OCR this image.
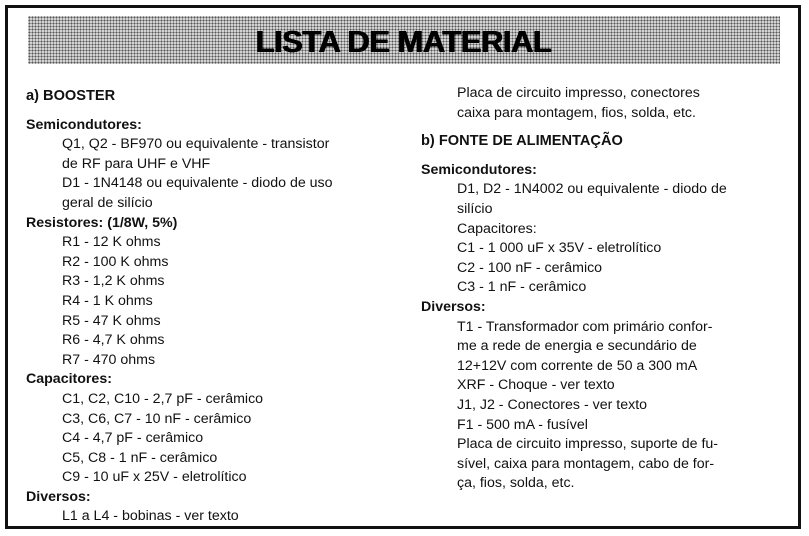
LISTA DE MATERIAL
a) BOOSTER
Semicondutores:
Q1, Q2 - BF970 ou equivalente - transistor
de RF para UHF e VHF
D1 - 1N4148 ou equivalente - diodo de uso
geral de silício
Resistores: (1/8W, 5%)
R1 - 12 K ohms
R2 - 100 K ohms
R3 - 1,2 K ohms
R4 - 1 K ohms
R5 - 47 K ohms
R6 - 4,7 K ohms
R7 - 470 ohms
Capacitores:
C1, C2, C10 - 2,7 pF - cerâmico
C3, C6, C7 - 10 nF - cerâmico
C4 - 4,7 pF - cerâmico
C5, C8 - 1 nF - cerâmico
C9 - 10 uF x 25V - eletrolítico
Diversos:
L1 a L4 - bobinas - ver texto
Placa de circuito impresso, conectores
caixa para montagem, fios, solda, etc.
b) FONTE DE ALIMENTAÇÃO
Semicondutores:
D1, D2 - 1N4002 ou equivalente - diodo de
silício
Capacitores:
C1 - 1 000 uF x 35V - eletrolítico
C2 - 100 nF - cerâmico
C3 - 1 nF - cerâmico
Diversos:
T1 - Transformador com primário confor-
me a rede de energia e secundário de
12+12V com corrente de 50 a 300 mA
XRF - Choque - ver texto
J1, J2 - Conectores - ver texto
F1 - 500 mA - fusível
Placa de circuito impresso, suporte de fu-
sível, caixa para montagem, cabo de for-
ça, fios, solda, etc.
